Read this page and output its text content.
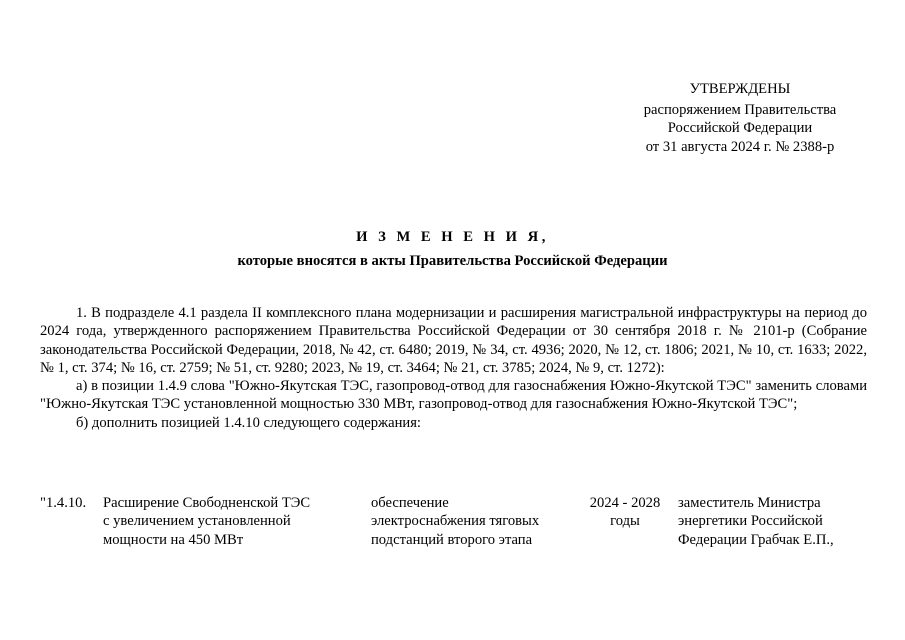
УТВЕРЖДЕНЫ
распоряжением Правительства
Российской Федерации
от 31 августа 2024 г. № 2388-р
И З М Е Н Е Н И Я,
которые вносятся в акты Правительства Российской Федерации

1. В подразделе 4.1 раздела II комплексного плана модернизации и расширения магистральной инфраструктуры на период до 2024 года, утвержденного распоряжением Правительства Российской Федерации от 30 сентября 2018 г. № 2101-р (Собрание законодательства Российской Федерации, 2018, № 42, ст. 6480; 2019, № 34, ст. 4936; 2020, № 12, ст. 1806; 2021, № 10, ст. 1633; 2022, № 1, ст. 374; № 16, ст. 2759; № 51, ст. 9280; 2023, № 19, ст. 3464; № 21, ст. 3785; 2024, № 9, ст. 1272):

а) в позиции 1.4.9 слова "Южно-Якутская ТЭС, газопровод-отвод для газоснабжения Южно-Якутской ТЭС" заменить словами "Южно-Якутская ТЭС установленной мощностью 330 МВт, газопровод-отвод для газоснабжения Южно-Якутской ТЭС";

б) дополнить позицией 1.4.10 следующего содержания:

"1.4.10.	Расширение Свободненской ТЭС
с увеличением установленной
мощности на 450 МВт
обеспечение
электроснабжения тяговых
подстанций второго этапа
2024 - 2028
годы
заместитель Министра
энергетики Российской
Федерации Грабчак Е.П.,
